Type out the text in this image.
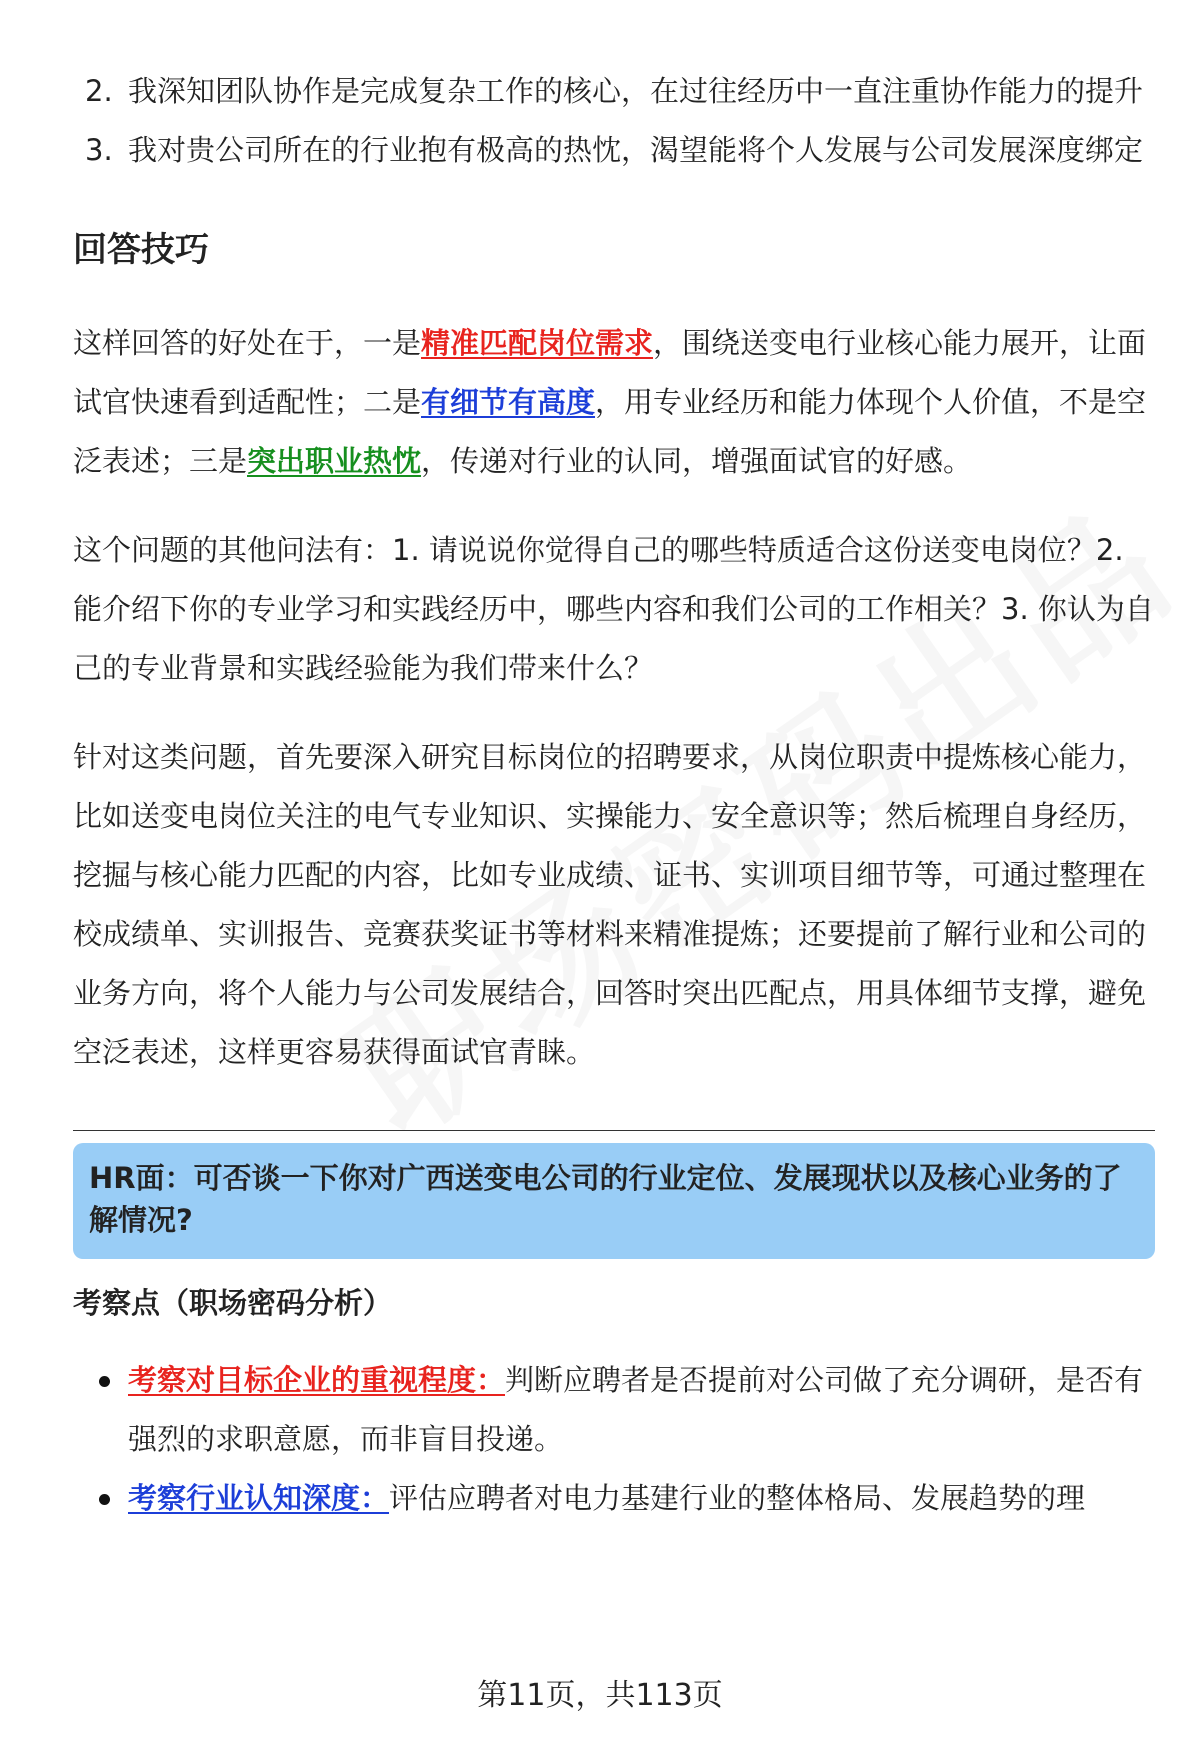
2. 我深知团队协作是完成复杂工作的核心，在过往经历中一直注重协作能力的提升
3. 我对贵公司所在的行业抱有极高的热忱，渴望能将个人发展与公司发展深度绑定
回答技巧

这样回答的好处在于，一是精准匹配岗位需求，围绕送变电行业核心能力展开，让面试官快速看到适配性；二是有细节有高度，用专业经历和能力体现个人价值，不是空泛表述；三是突出职业热忱，传递对行业的认同，增强面试官的好感。

这个问题的其他问法有：1. 请说说你觉得自己的哪些特质适合这份送变电岗位？2. 能介绍下你的专业学习和实践经历中，哪些内容和我们公司的工作相关？3. 你认为自己的专业背景和实践经验能为我们带来什么？

针对这类问题，首先要深入研究目标岗位的招聘要求，从岗位职责中提炼核心能力，比如送变电岗位关注的电气专业知识、实操能力、安全意识等；然后梳理自身经历，挖掘与核心能力匹配的内容，比如专业成绩、证书、实训项目细节等，可通过整理在校成绩单、实训报告、竞赛获奖证书等材料来精准提炼；还要提前了解行业和公司的业务方向，将个人能力与公司发展结合，回答时突出匹配点，用具体细节支撑，避免空泛表述，这样更容易获得面试官青睐。

HR面：可否谈一下你对广西送变电公司的行业定位、发展现状以及核心业务的了解情况?
考察点（职场密码分析）
考察对目标企业的重视程度：判断应聘者是否提前对公司做了充分调研，是否有强烈的求职意愿，而非盲目投递。
考察行业认知深度：评估应聘者对电力基建行业的整体格局、发展趋势的理
第11页，共113页
